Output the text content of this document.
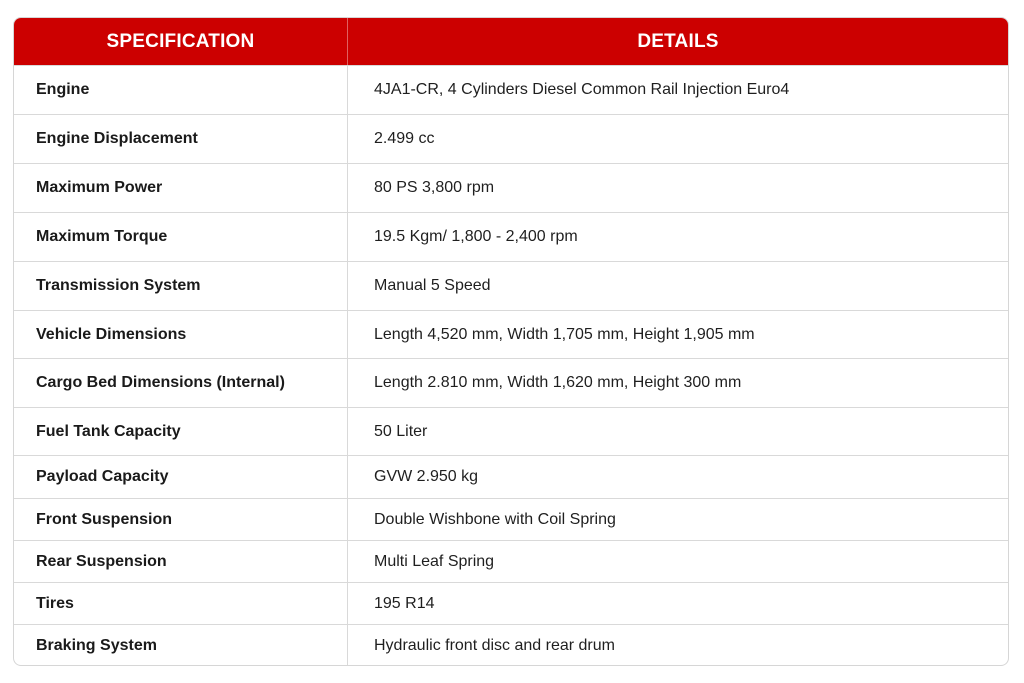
SPECIFICATION	DETAILS
Engine	4JA1-CR, 4 Cylinders Diesel Common Rail Injection Euro4
Engine Displacement	2.499 cc
Maximum Power	80 PS 3,800 rpm
Maximum Torque	19.5 Kgm/ 1,800 - 2,400 rpm
Transmission System	Manual 5 Speed
Vehicle Dimensions	Length 4,520 mm, Width 1,705 mm, Height 1,905 mm
Cargo Bed Dimensions (Internal)	Length 2.810 mm, Width 1,620 mm, Height 300 mm
Fuel Tank Capacity	50 Liter
Payload Capacity	GVW 2.950 kg
Front Suspension	Double Wishbone with Coil Spring
Rear Suspension	Multi Leaf Spring
Tires	195 R14
Braking System	Hydraulic front disc and rear drum
